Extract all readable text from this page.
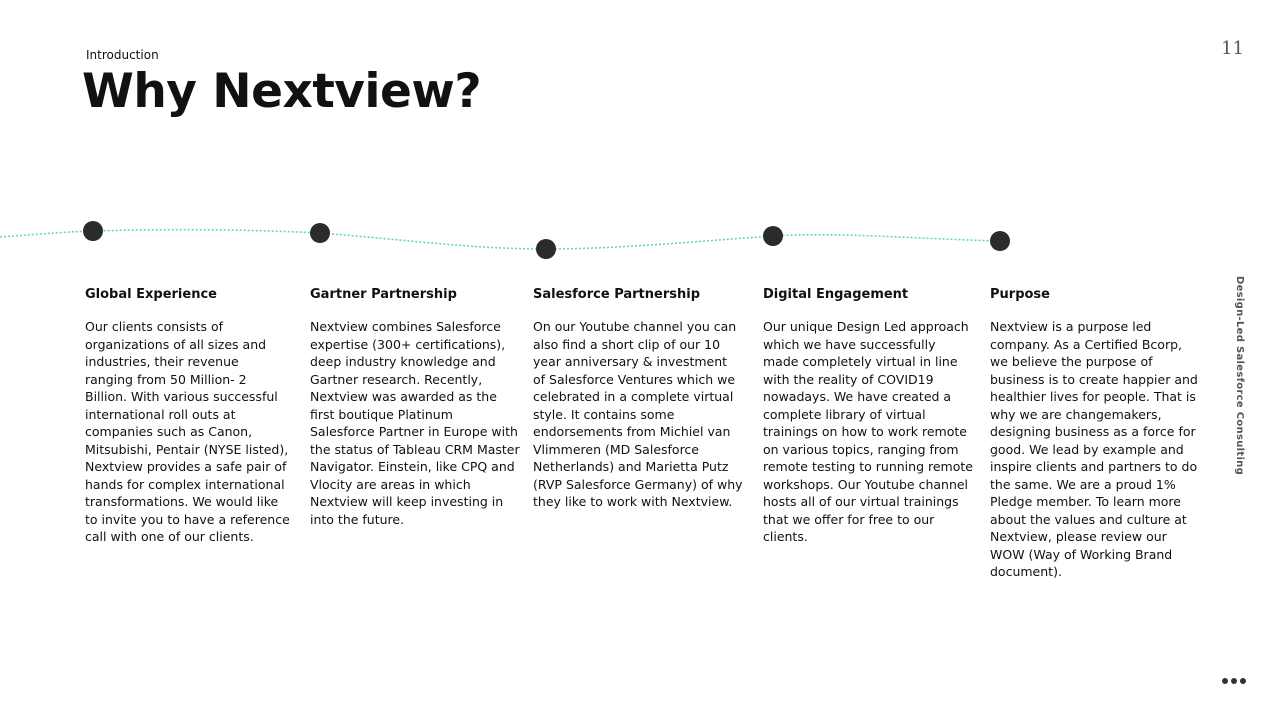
Introduction
Why Nextview?
11
Design-Led Salesforce Consulting
Global Experience

Our clients consists of organizations of all sizes and industries, their revenue ranging from 50 Million- 2 Billion. With various successful international roll outs at companies such as Canon, Mitsubishi, Pentair (NYSE listed), Nextview provides a safe pair of hands for complex international transformations. We would like to invite you to have a reference call with one of our clients.

Gartner Partnership

Nextview combines Salesforce expertise (300+ certifications), deep industry knowledge and Gartner research. Recently, Nextview was awarded as the first boutique Platinum Salesforce Partner in Europe with the status of Tableau CRM Master Navigator. Einstein, like CPQ and Vlocity are areas in which Nextview will keep investing in into the future.

Salesforce Partnership

On our Youtube channel you can also find a short clip of our 10 year anniversary & investment of Salesforce Ventures which we celebrated in a complete virtual style. It contains some endorsements from Michiel van Vlimmeren (MD Salesforce Netherlands) and Marietta Putz (RVP Salesforce Germany) of why they like to work with Nextview.

Digital Engagement

Our unique Design Led approach which we have successfully made completely virtual in line with the reality of COVID19 nowadays. We have created a complete library of virtual trainings on how to work remote on various topics, ranging from remote testing to running remote workshops. Our Youtube channel hosts all of our virtual trainings that we offer for free to our clients.

Purpose

Nextview is a purpose led company. As a Certified Bcorp, we believe the purpose of business is to create happier and healthier lives for people. That is why we are changemakers, designing business as a force for good. We lead by example and inspire clients and partners to do the same. We are a proud 1% Pledge member. To learn more about the values and culture at Nextview, please review our WOW (Way of Working Brand document).
